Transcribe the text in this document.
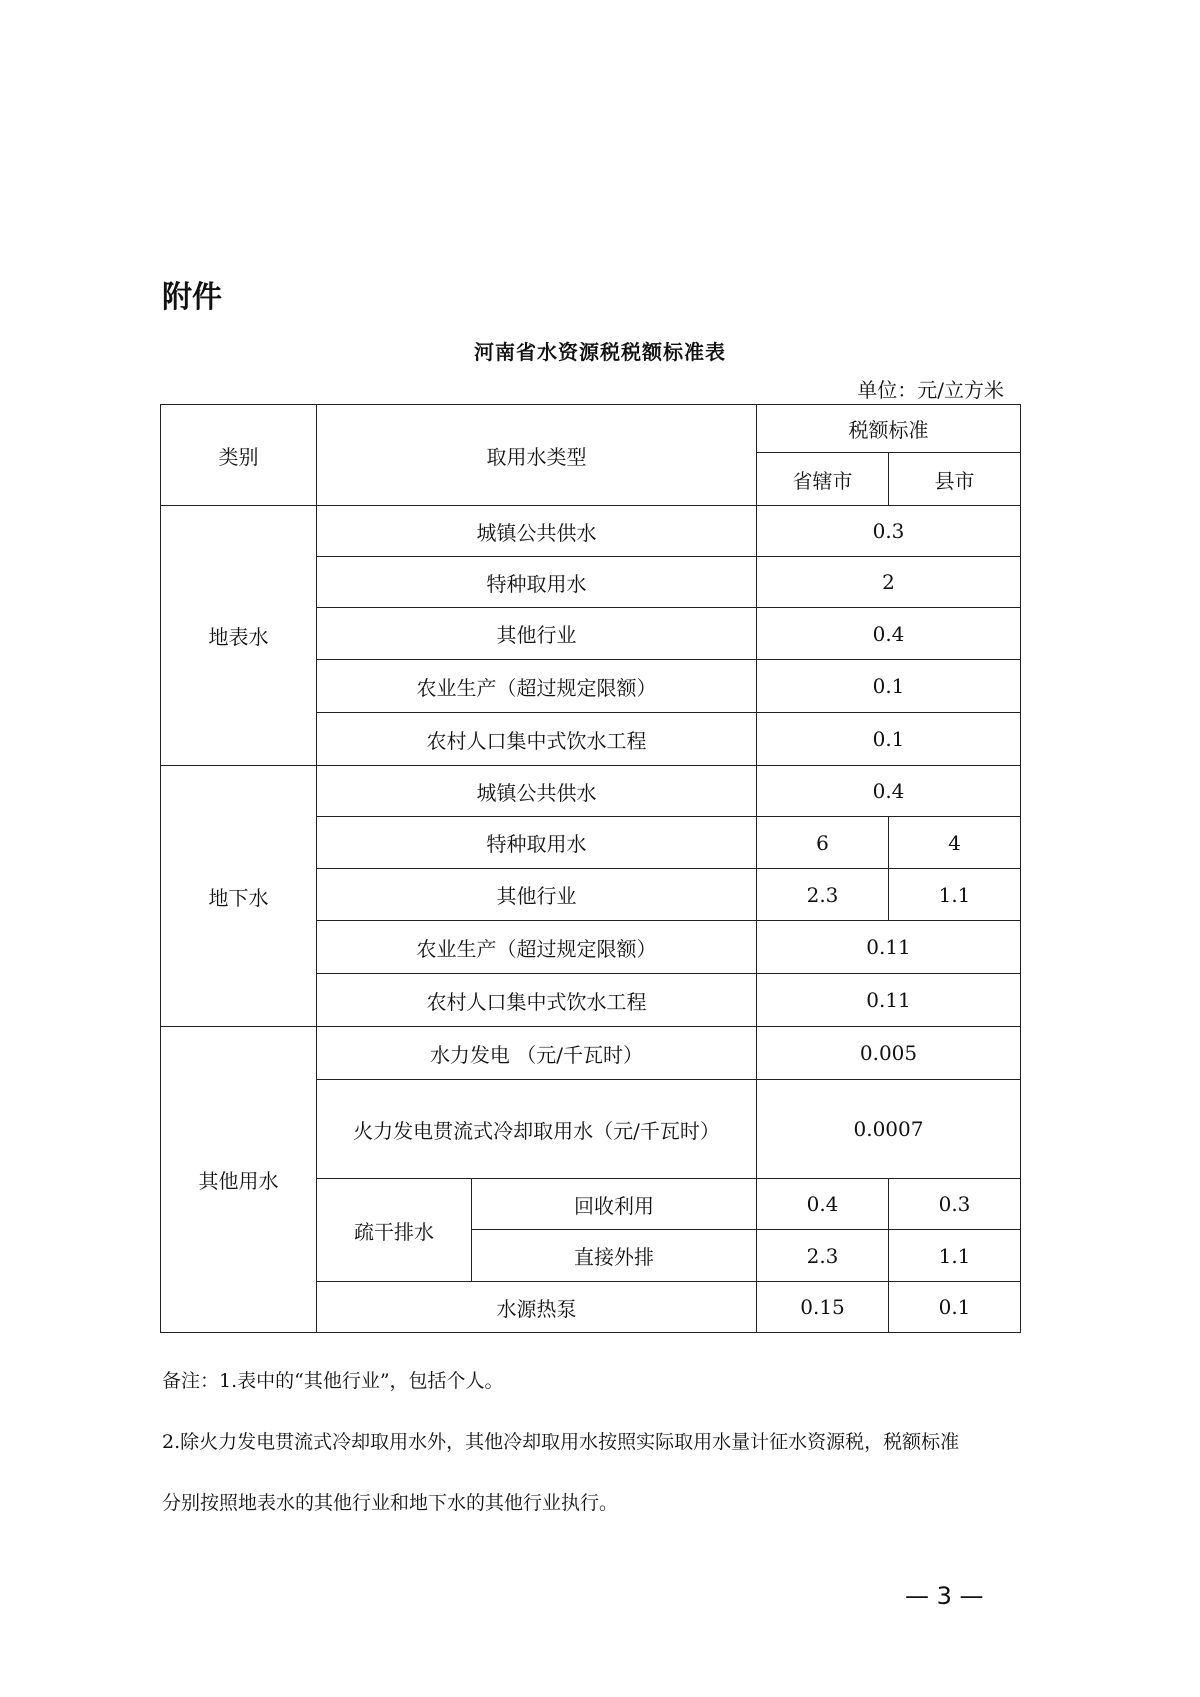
附件
河南省水资源税税额标准表
单位：元/立方米
类别	取用水类型		税额标准	
			省辖市	县市
地表水	城镇公共供水		0.3	
	特种取用水		2	
	其他行业		0.4	
	农业生产（超过规定限额）		0.1	
	农村人口集中式饮水工程		0.1	
地下水	城镇公共供水		0.4	
	特种取用水		6	4
	其他行业		2.3	1.1
	农业生产（超过规定限额）		0.11	
	农村人口集中式饮水工程		0.11	
其他用水	水力发电 （元/千瓦时）		0.005	
	火力发电贯流式冷却取用水（元/千瓦时）		0.0007	
	疏干排水	回收利用	0.4	0.3
		直接外排	2.3	1.1
	水源热泵		0.15	0.1
备注：1.表中的“其他行业”，包括个人。
2.除火力发电贯流式冷却取用水外，其他冷却取用水按照实际取用水量计征水资源税，税额标准
分别按照地表水的其他行业和地下水的其他行业执行。
— 3 —
